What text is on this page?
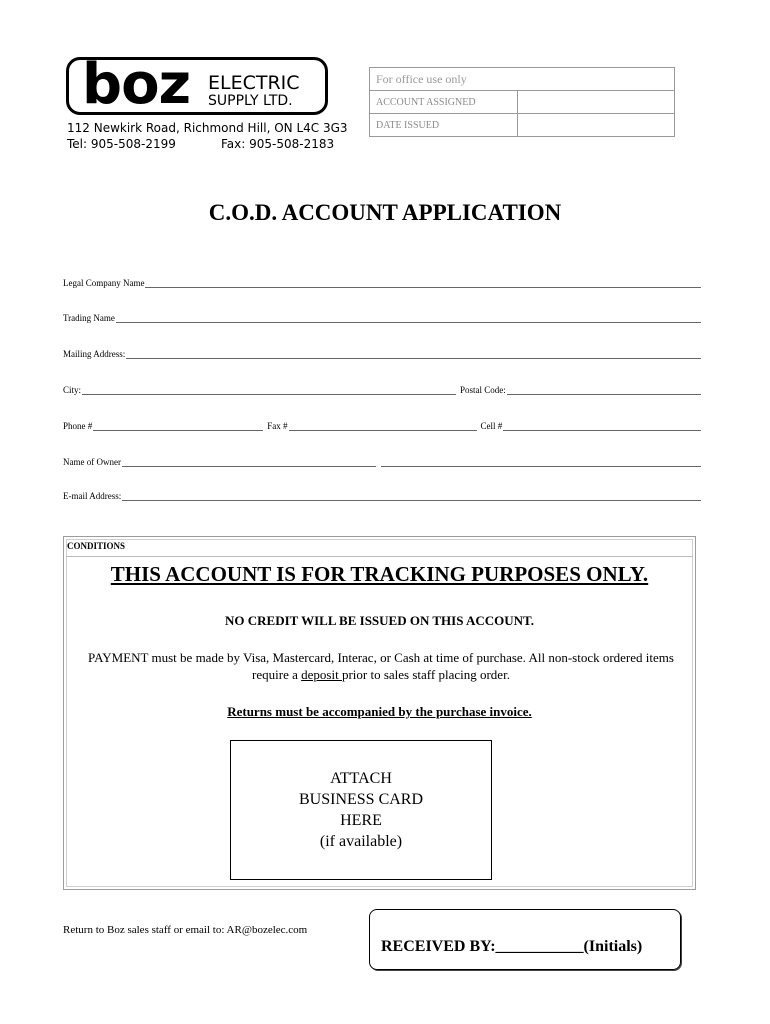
boz ELECTRIC
SUPPLY LTD.
112 Newkirk Road, Richmond Hill, ON L4C 3G3
Tel: 905-508-2199	Fax: 905-508-2183
For office use only	
ACCOUNT ASSIGNED	
DATE ISSUED	
C.O.D. ACCOUNT APPLICATION
Legal Company Name
Trading Name
Mailing Address:
City:	Postal Code:
Phone #	Fax #	Cell #
Name of Owner
E-mail Address:
CONDITIONS
THIS ACCOUNT IS FOR TRACKING PURPOSES ONLY.
NO CREDIT WILL BE ISSUED ON THIS ACCOUNT.
PAYMENT must be made by Visa, Mastercard, Interac, or Cash at time of purchase. All non-stock ordered items require a deposit prior to sales staff placing order.
Returns must be accompanied by the purchase invoice.
ATTACH
BUSINESS CARD
HERE
(if available)
Return to Boz sales staff or email to: AR@bozelec.com
RECEIVED BY:___________(Initials)
